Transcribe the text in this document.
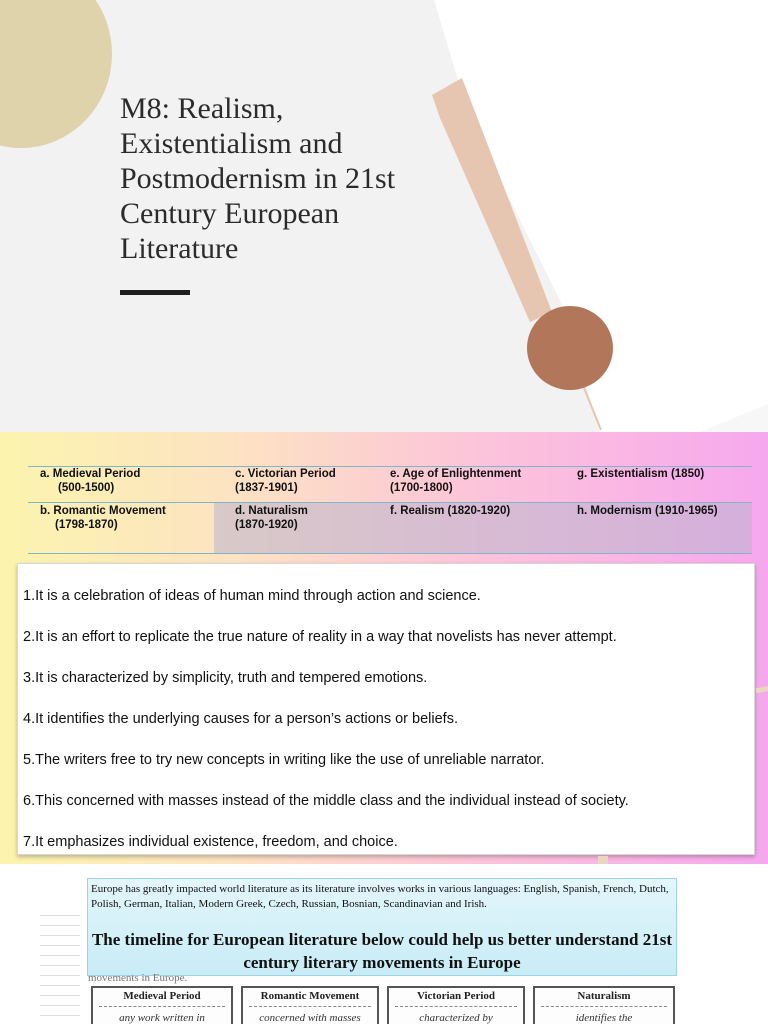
M8: Realism, Existentialism and Postmodernism in 21st Century European Literature
a. Medieval Period
(500-1500)
b. Romantic Movement
(1798-1870)
c. Victorian Period
(1837-1901)
d. Naturalism
(1870-1920)
e. Age of Enlightenment
(1700-1800)
f. Realism (1820-1920)
g. Existentialism (1850)
h. Modernism (1910-1965)
1.It is a celebration of ideas of human mind through action and science.
2.It is an effort to replicate the true nature of reality in a way that novelists has never attempt.
3.It is characterized by simplicity, truth and tempered emotions.
4.It identifies the underlying causes for a person’s actions or beliefs.
5.The writers free to try new concepts in writing like the use of unreliable narrator.
6.This concerned with masses instead of the middle class and the individual instead of society.
7.It emphasizes individual existence, freedom, and choice.
Europe has greatly impacted world literature as its literature involves works in various languages: English, Spanish, French, Dutch, Polish, German, Italian, Modern Greek, Czech, Russian, Bosnian, Scandinavian and Irish.
The timeline for European literature below could help us better understand 21st century literary movements in Europe
movements in Europe.
Medieval Period
any work written in
Romantic Movement
concerned with masses
Victorian Period
characterized by
Naturalism
identifies the
